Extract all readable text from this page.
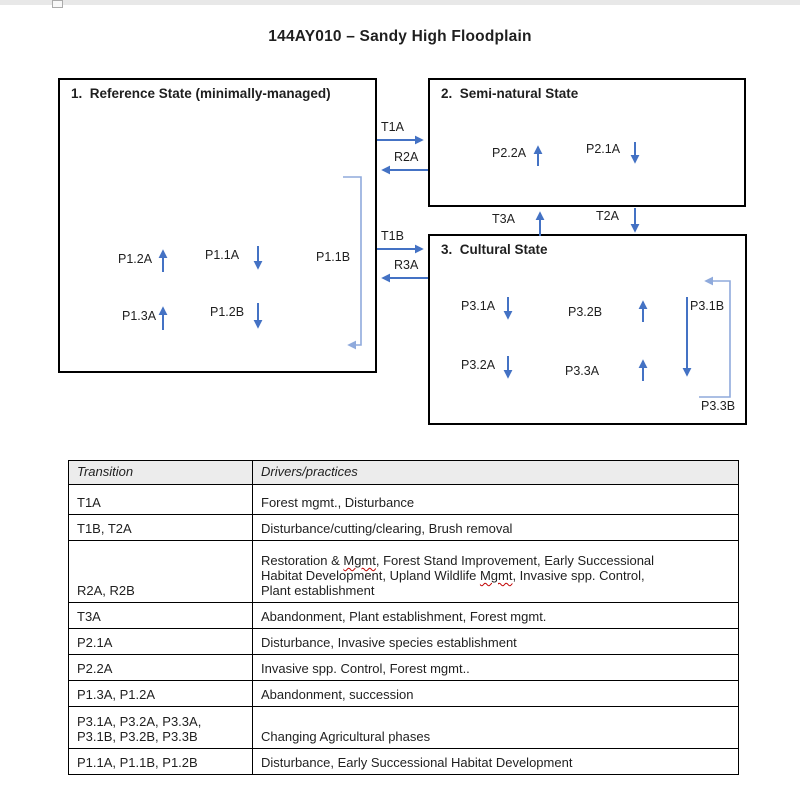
144AY010 – Sandy High Floodplain
1.  Reference State (minimally-managed)

P1.2A	P1.1A	P1.1B
P1.3A	P1.2B
T1A
R2A
T1B
R3A
2.  Semi-natural State
P2.2A	P2.1A
T3A	T2A
3.  Cultural State
P3.1A	P3.2B	P3.1B
P3.2A	P3.3A
P3.3B
Transition	Drivers/practices
T1A	Forest mgmt., Disturbance
T1B, T2A	Disturbance/cutting/clearing, Brush removal
R2A, R2B	Restoration & Mgmt, Forest Stand Improvement, Early Successional
Habitat Development, Upland Wildlife Mgmt, Invasive spp. Control,
Plant establishment
T3A	Abandonment, Plant establishment, Forest mgmt.
P2.1A	Disturbance, Invasive species establishment
P2.2A	Invasive spp. Control, Forest mgmt..
P1.3A, P1.2A	Abandonment, succession
P3.1A, P3.2A, P3.3A,
P3.1B, P3.2B, P3.3B	Changing Agricultural phases
P1.1A, P1.1B, P1.2B	Disturbance, Early Successional Habitat Development
